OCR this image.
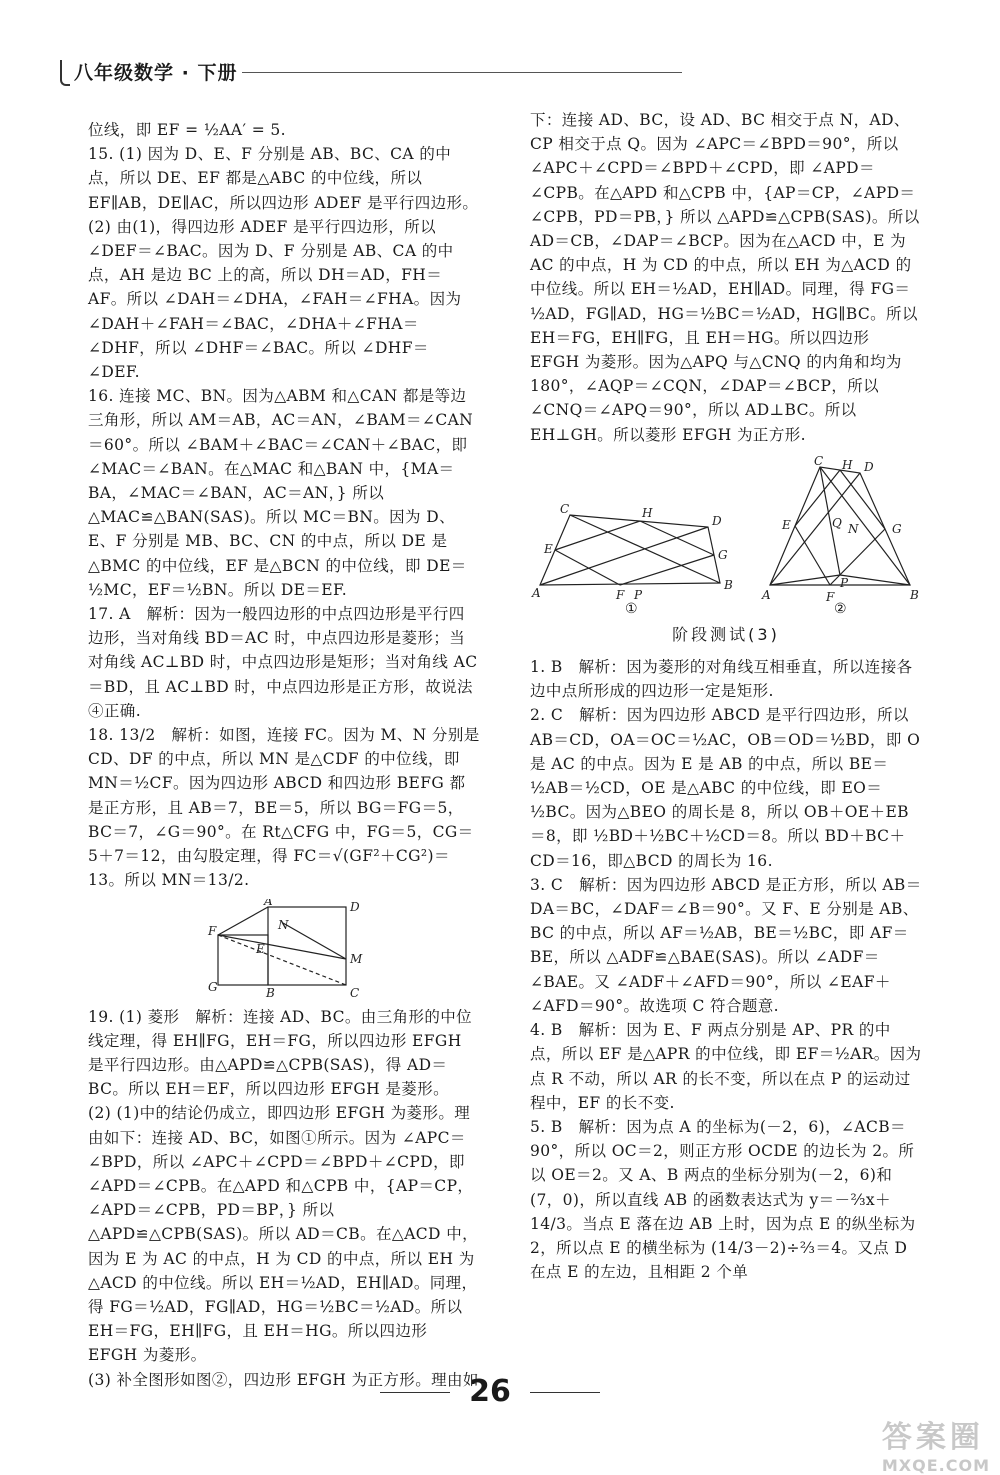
八年级数学 · 下册

位线，即 EF = ½AA′ = 5.

15. (1) 因为 D、E、F 分别是 AB、BC、CA 的中点，所以 DE、EF 都是△ABC 的中位线，所以 EF∥AB，DE∥AC，所以四边形 ADEF 是平行四边形。

(2) 由(1)，得四边形 ADEF 是平行四边形，所以 ∠DEF＝∠BAC。因为 D、F 分别是 AB、CA 的中点，AH 是边 BC 上的高，所以 DH＝AD，FH＝AF。所以 ∠DAH＝∠DHA，∠FAH＝∠FHA。因为 ∠DAH＋∠FAH＝∠BAC，∠DHA＋∠FHA＝∠DHF，所以 ∠DHF＝∠BAC。所以 ∠DHF＝∠DEF.

16. 连接 MC、BN。因为△ABM 和△CAN 都是等边三角形，所以 AM＝AB，AC＝AN，∠BAM＝∠CAN＝60°。所以 ∠BAM＋∠BAC＝∠CAN＋∠BAC，即 ∠MAC＝∠BAN。在△MAC 和△BAN 中，{MA＝BA，∠MAC＝∠BAN，AC＝AN，} 所以 △MAC≌△BAN(SAS)。所以 MC＝BN。因为 D、E、F 分别是 MB、BC、CN 的中点，所以 DE 是△BMC 的中位线，EF 是△BCN 的中位线，即 DE＝½MC，EF＝½BN。所以 DE＝EF.

17. A　解析：因为一般四边形的中点四边形是平行四边形，当对角线 BD＝AC 时，中点四边形是菱形；当对角线 AC⊥BD 时，中点四边形是矩形；当对角线 AC＝BD，且 AC⊥BD 时，中点四边形是正方形，故说法④正确.

18. 13/2　解析：如图，连接 FC。因为 M、N 分别是 CD、DF 的中点，所以 MN 是△CDF 的中位线，即 MN＝½CF。因为四边形 ABCD 和四边形 BEFG 都是正方形，且 AB＝7，BE＝5，所以 BG＝FG＝5，BC＝7，∠G＝90°。在 Rt△CFG 中，FG＝5，CG＝5＋7＝12，由勾股定理，得 FC＝√(GF²＋CG²)＝13。所以 MN＝13/2.

A	D
F
E
N
M
G	B	C

19. (1) 菱形　解析：连接 AD、BC。由三角形的中位线定理，得 EH∥FG，EH＝FG，所以四边形 EFGH 是平行四边形。由△APD≌△CPB(SAS)，得 AD＝BC。所以 EH＝EF，所以四边形 EFGH 是菱形。

(2) (1)中的结论仍成立，即四边形 EFGH 为菱形。理由如下：连接 AD、BC，如图①所示。因为 ∠APC＝∠BPD，所以 ∠APC＋∠CPD＝∠BPD＋∠CPD，即 ∠APD＝∠CPB。在△APD 和△CPB 中，{AP＝CP，∠APD＝∠CPB，PD＝BP，} 所以 △APD≌△CPB(SAS)。所以 AD＝CB。在△ACD 中，因为 E 为 AC 的中点，H 为 CD 的中点，所以 EH 为△ACD 的中位线。所以 EH＝½AD，EH∥AD。同理，得 FG＝½AD，FG∥AD，HG＝½BC＝½AD。所以 EH＝FG，EH∥FG，且 EH＝HG。所以四边形 EFGH 为菱形。

(3) 补全图形如图②，四边形 EFGH 为正方形。理由如

下：连接 AD、BC，设 AD、BC 相交于点 N，AD、CP 相交于点 Q。因为 ∠APC＝∠BPD＝90°，所以 ∠APC＋∠CPD＝∠BPD＋∠CPD，即 ∠APD＝∠CPB。在△APD 和△CPB 中，{AP＝CP，∠APD＝∠CPB，PD＝PB，} 所以 △APD≌△CPB(SAS)。所以 AD＝CB，∠DAP＝∠BCP。因为在△ACD 中，E 为 AC 的中点，H 为 CD 的中点，所以 EH 为△ACD 的中位线。所以 EH＝½AD，EH∥AD。同理，得 FG＝½AD，FG∥AD，HG＝½BC＝½AD，HG∥BC。所以 EH＝FG，EH∥FG，且 EH＝HG。所以四边形 EFGH 为菱形。因为△APQ 与△CNQ 的内角和均为 180°，∠AQP＝∠CQN，∠DAP＝∠BCP，所以 ∠CNQ＝∠APQ＝90°，所以 AD⊥BC。所以 EH⊥GH。所以菱形 EFGH 为正方形.

C	H
D
E	G
A	F P
B
C H D
E	G
Q N
P
A	F	B
①	②
阶段测试(3)

1. B　解析：因为菱形的对角线互相垂直，所以连接各边中点所形成的四边形一定是矩形.

2. C　解析：因为四边形 ABCD 是平行四边形，所以 AB＝CD，OA＝OC＝½AC，OB＝OD＝½BD，即 O 是 AC 的中点。因为 E 是 AB 的中点，所以 BE＝½AB＝½CD，OE 是△ABC 的中位线，即 EO＝½BC。因为△BEO 的周长是 8，所以 OB＋OE＋EB＝8，即 ½BD＋½BC＋½CD＝8。所以 BD＋BC＋CD＝16，即△BCD 的周长为 16.

3. C　解析：因为四边形 ABCD 是正方形，所以 AB＝DA＝BC，∠DAF＝∠B＝90°。又 F、E 分别是 AB、BC 的中点，所以 AF＝½AB，BE＝½BC，即 AF＝BE，所以 △ADF≌△BAE(SAS)。所以 ∠ADF＝∠BAE。又 ∠ADF＋∠AFD＝90°，所以 ∠EAF＋∠AFD＝90°。故选项 C 符合题意.

4. B　解析：因为 E、F 两点分别是 AP、PR 的中点，所以 EF 是△APR 的中位线，即 EF＝½AR。因为点 R 不动，所以 AR 的长不变，所以在点 P 的运动过程中，EF 的长不变.

5. B　解析：因为点 A 的坐标为(－2，6)，∠ACB＝90°，所以 OC＝2，则正方形 OCDE 的边长为 2。所以 OE＝2。又 A、B 两点的坐标分别为(－2，6)和(7，0)，所以直线 AB 的函数表达式为 y＝－⅔x＋14/3。当点 E 落在边 AB 上时，因为点 E 的纵坐标为 2，所以点 E 的横坐标为 (14/3－2)÷⅔＝4。又点 D 在点 E 的左边，且相距 2 个单

26
答案圈
MXQE.COM
